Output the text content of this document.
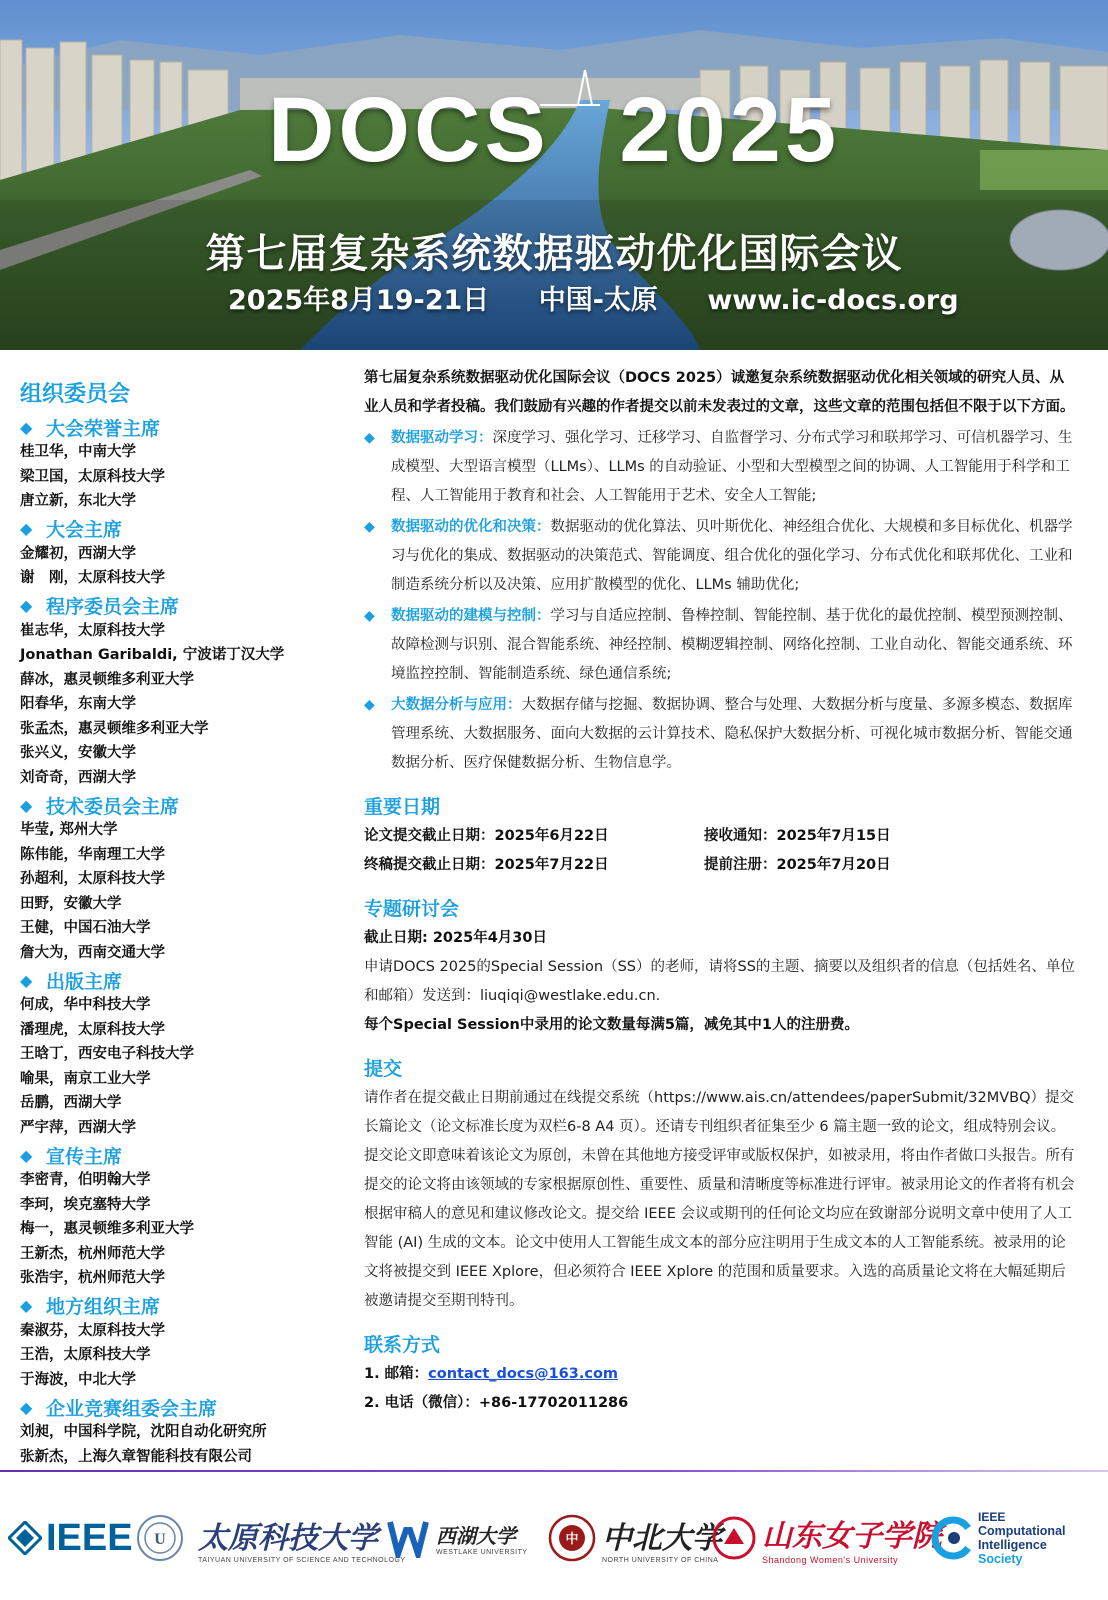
DOCS 2025
第七届复杂系统数据驱动优化国际会议
2025年8月19-21日 中国-太原 www.ic-docs.org
组织委员会
◆ 大会荣誉主席
桂卫华，中南大学
梁卫国，太原科技大学
唐立新，东北大学
◆ 大会主席
金耀初，西湖大学
谢　刚，太原科技大学
◆ 程序委员会主席
崔志华，太原科技大学
Jonathan Garibaldi, 宁波诺丁汉大学
薛冰，惠灵顿维多利亚大学
阳春华，东南大学
张孟杰，惠灵顿维多利亚大学
张兴义，安徽大学
刘奇奇，西湖大学
◆ 技术委员会主席
毕莹, 郑州大学
陈伟能，华南理工大学
孙超利，太原科技大学
田野，安徽大学
王健，中国石油大学
詹大为，西南交通大学
◆ 出版主席
何成，华中科技大学
潘理虎，太原科技大学
王晗丁，西安电子科技大学
喻果，南京工业大学
岳鹏，西湖大学
严宇萍，西湖大学
◆ 宣传主席
李密青，伯明翰大学
李珂，埃克塞特大学
梅一，惠灵顿维多利亚大学
王新杰，杭州师范大学
张浩宇，杭州师范大学
◆ 地方组织主席
秦淑芬，太原科技大学
王浩，太原科技大学
于海波，中北大学
◆ 企业竞赛组委会主席
刘昶，中国科学院，沈阳自动化研究所
张新杰，上海久章智能科技有限公司
第七届复杂系统数据驱动优化国际会议（DOCS 2025）诚邀复杂系统数据驱动优化相关领域的研究人员、从业人员和学者投稿。我们鼓励有兴趣的作者提交以前未发表过的文章，这些文章的范围包括但不限于以下方面。
◆	数据驱动学习：深度学习、强化学习、迁移学习、自监督学习、分布式学习和联邦学习、可信机器学习、生成模型、大型语言模型（LLMs）、LLMs 的自动验证、小型和大型模型之间的协调、人工智能用于科学和工程、人工智能用于教育和社会、人工智能用于艺术、安全人工智能;
◆	数据驱动的优化和决策：数据驱动的优化算法、贝叶斯优化、神经组合优化、大规模和多目标优化、机器学习与优化的集成、数据驱动的决策范式、智能调度、组合优化的强化学习、分布式优化和联邦优化、工业和制造系统分析以及决策、应用扩散模型的优化、LLMs 辅助优化;
◆	数据驱动的建模与控制：学习与自适应控制、鲁棒控制、智能控制、基于优化的最优控制、模型预测控制、故障检测与识别、混合智能系统、神经控制、模糊逻辑控制、网络化控制、工业自动化、智能交通系统、环境监控控制、智能制造系统、绿色通信系统;
◆	大数据分析与应用：大数据存储与挖掘、数据协调、整合与处理、大数据分析与度量、多源多模态、数据库管理系统、大数据服务、面向大数据的云计算技术、隐私保护大数据分析、可视化城市数据分析、智能交通数据分析、医疗保健数据分析、生物信息学。
重要日期
论文提交截止日期：2025年6月22日	接收通知：2025年7月15日
终稿提交截止日期：2025年7月22日	提前注册：2025年7月20日
专题研讨会
截止日期: 2025年4月30日
申请DOCS 2025的Special Session（SS）的老师，请将SS的主题、摘要以及组织者的信息（包括姓名、单位和邮箱）发送到：liuqiqi@westlake.edu.cn.
每个Special Session中录用的论文数量每满5篇，减免其中1人的注册费。
提交
请作者在提交截止日期前通过在线提交系统（https://www.ais.cn/attendees/paperSubmit/32MVBQ）提交长篇论文（论文标准长度为双栏6-8 A4 页）。还请专刊组织者征集至少 6 篇主题一致的论文，组成特别会议。提交论文即意味着该论文为原创，未曾在其他地方接受评审或版权保护，如被录用，将由作者做口头报告。所有提交的论文将由该领域的专家根据原创性、重要性、质量和清晰度等标准进行评审。被录用论文的作者将有机会根据审稿人的意见和建议修改论文。提交给 IEEE 会议或期刊的任何论文均应在致谢部分说明文章中使用了人工智能 (AI) 生成的文本。论文中使用人工智能生成文本的部分应注明用于生成文本的人工智能系统。被录用的论文将被提交到 IEEE Xplore，但必须符合 IEEE Xplore 的范围和质量要求。入选的高质量论文将在大幅延期后被邀请提交至期刊特刊。
联系方式
1. 邮箱：contact_docs@163.com
2. 电话（微信）：+86-17702011286
IEEE U 太原科技大学
TAIYUAN UNIVERSITY OF SCIENCE AND TECHNOLOGY
西湖大学
WESTLAKE UNIVERSITY
中 中北大学
NORTH UNIVERSITY OF CHINA
山东女子学院
Shandong Women's University
IEEE
Computational
Intelligence
Society
